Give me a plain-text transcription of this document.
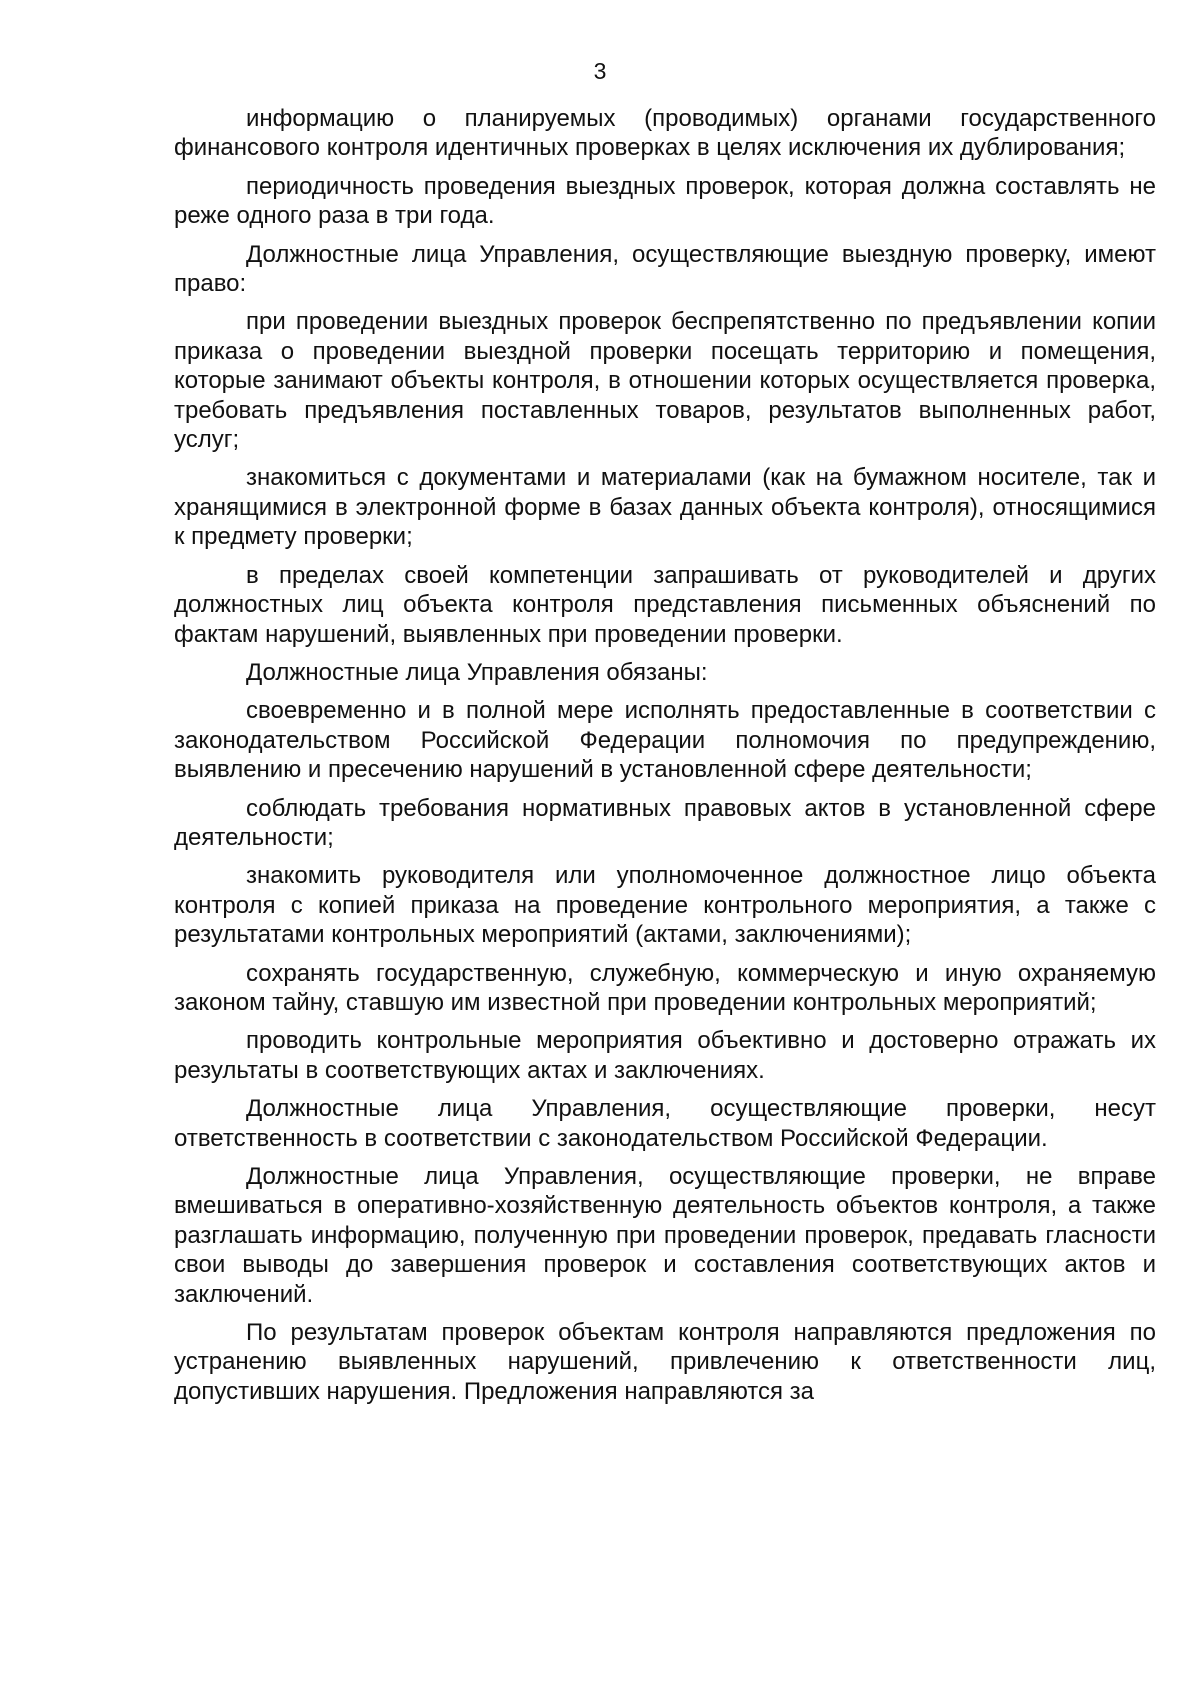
3

информацию о планируемых (проводимых) органами государственного финансового контроля идентичных проверках в целях исключения их дублирования;

периодичность проведения выездных проверок, которая должна составлять не реже одного раза в три года.

Должностные лица Управления, осуществляющие выездную проверку, имеют право:

при проведении выездных проверок беспрепятственно по предъявлении копии приказа о проведении выездной проверки посещать территорию и помещения, которые занимают объекты контроля, в отношении которых осуществляется проверка, требовать предъявления поставленных товаров, результатов выполненных работ, услуг;

знакомиться с документами и материалами (как на бумажном носителе, так и хранящимися в электронной форме в базах данных объекта контроля), относящимися к предмету проверки;

в пределах своей компетенции запрашивать от руководителей и других должностных лиц объекта контроля представления письменных объяснений по фактам нарушений, выявленных при проведении проверки.

Должностные лица Управления обязаны:

своевременно и в полной мере исполнять предоставленные в соответствии с законодательством Российской Федерации полномочия по предупреждению, выявлению и пресечению нарушений в установленной сфере деятельности;

соблюдать требования нормативных правовых актов в установленной сфере деятельности;

знакомить руководителя или уполномоченное должностное лицо объекта контроля с копией приказа на проведение контрольного мероприятия, а также с результатами контрольных мероприятий (актами, заключениями);

сохранять государственную, служебную, коммерческую и иную охраняемую законом тайну, ставшую им известной при проведении контрольных мероприятий;

проводить контрольные мероприятия объективно и достоверно отражать их результаты в соответствующих актах и заключениях.

Должностные лица Управления, осуществляющие проверки, несут ответственность в соответствии с законодательством Российской Федерации.

Должностные лица Управления, осуществляющие проверки, не вправе вмешиваться в оперативно-хозяйственную деятельность объектов контроля, а также разглашать информацию, полученную при проведении проверок, предавать гласности свои выводы до завершения проверок и составления соответствующих актов и заключений.

По результатам проверок объектам контроля направляются предложения по устранению выявленных нарушений, привлечению к ответственности лиц, допустивших нарушения. Предложения направляются за
